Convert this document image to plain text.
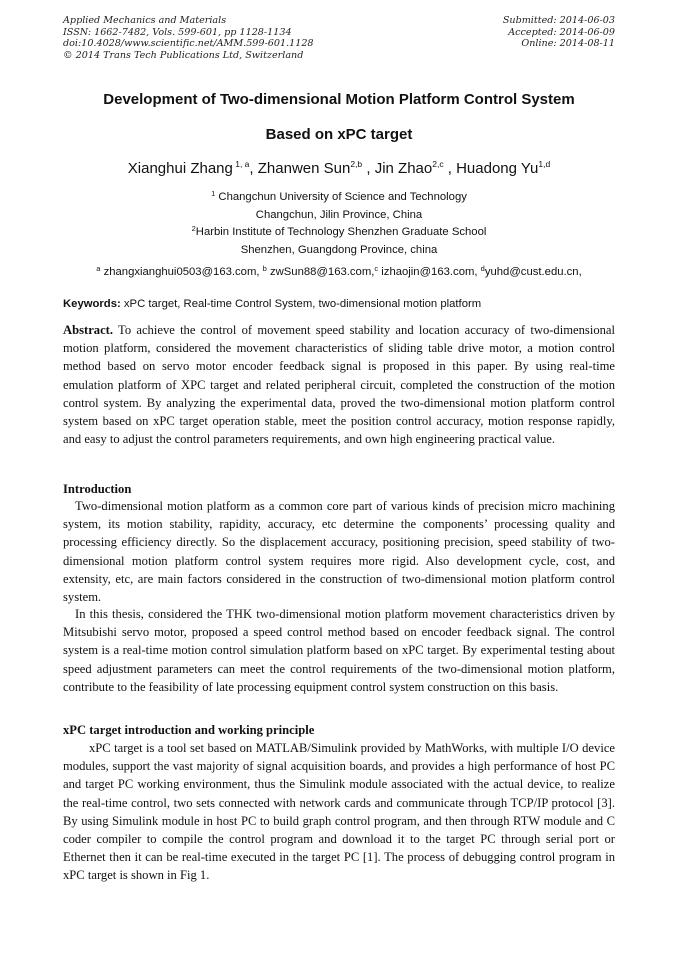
Applied Mechanics and Materials
ISSN: 1662-7482, Vols. 599-601, pp 1128-1134
doi:10.4028/www.scientific.net/AMM.599-601.1128
© 2014 Trans Tech Publications Ltd, Switzerland
Submitted: 2014-06-03
Accepted: 2014-06-09
Online: 2014-08-11
Development of Two-dimensional Motion Platform Control System
Based on xPC target
Xianghui Zhang $^{1, a}$, Zhanwen Sun$^{2,b}$ , Jin Zhao$^{2,c}$ , Huadong Yu$^{1,d}$
$^1$ Changchun University of Science and Technology
Changchun, Jilin Province, China
$^2$Harbin Institute of Technology Shenzhen Graduate School
Shenzhen, Guangdong Province, china
$^a$ zhangxianghui0503@163.com, $^b$ zwSun88@163.com,$^c$ izhaojin@163.com, $^d$yuhd@cust.edu.cn,
Keywords: xPC target, Real-time Control System, two-dimensional motion platform
Abstract. To achieve the control of movement speed stability and location accuracy of two-dimensional motion platform, considered the movement characteristics of sliding table drive motor, a motion control method based on servo motor encoder feedback signal is proposed in this paper. By using real-time emulation platform of XPC target and related peripheral circuit, completed the construction of the motion control system. By analyzing the experimental data, proved the two-dimensional motion platform control system based on xPC target operation stable, meet the position control accuracy, motion response rapidly, and easy to adjust the control parameters requirements, and own high engineering practical value.
Introduction
Two-dimensional motion platform as a common core part of various kinds of precision micro machining system, its motion stability, rapidity, accuracy, etc determine the components’ processing quality and processing efficiency directly. So the displacement accuracy, positioning precision, speed stability of two-dimensional motion platform control system requires more rigid. Also development cycle, cost, and extensity, etc, are main factors considered in the construction of two-dimensional motion platform control system.
In this thesis, considered the THK two-dimensional motion platform movement characteristics driven by Mitsubishi servo motor, proposed a speed control method based on encoder feedback signal. The control system is a real-time motion control simulation platform based on xPC target. By experimental testing about speed adjustment parameters can meet the control requirements of the two-dimensional motion platform, contribute to the feasibility of late processing equipment control system construction on this basis.
xPC target introduction and working principle
xPC target is a tool set based on MATLAB/Simulink provided by MathWorks, with multiple I/O device modules, support the vast majority of signal acquisition boards, and provides a high performance of host PC and target PC working environment, thus the Simulink module associated with the actual device, to realize the real-time control, two sets connected with network cards and communicate through TCP/IP protocol [3]. By using Simulink module in host PC to build graph control program, and then through RTW module and C coder compiler to compile the control program and download it to the target PC through serial port or Ethernet then it can be real-time executed in the target PC [1]. The process of debugging control program in xPC target is shown in Fig 1.
